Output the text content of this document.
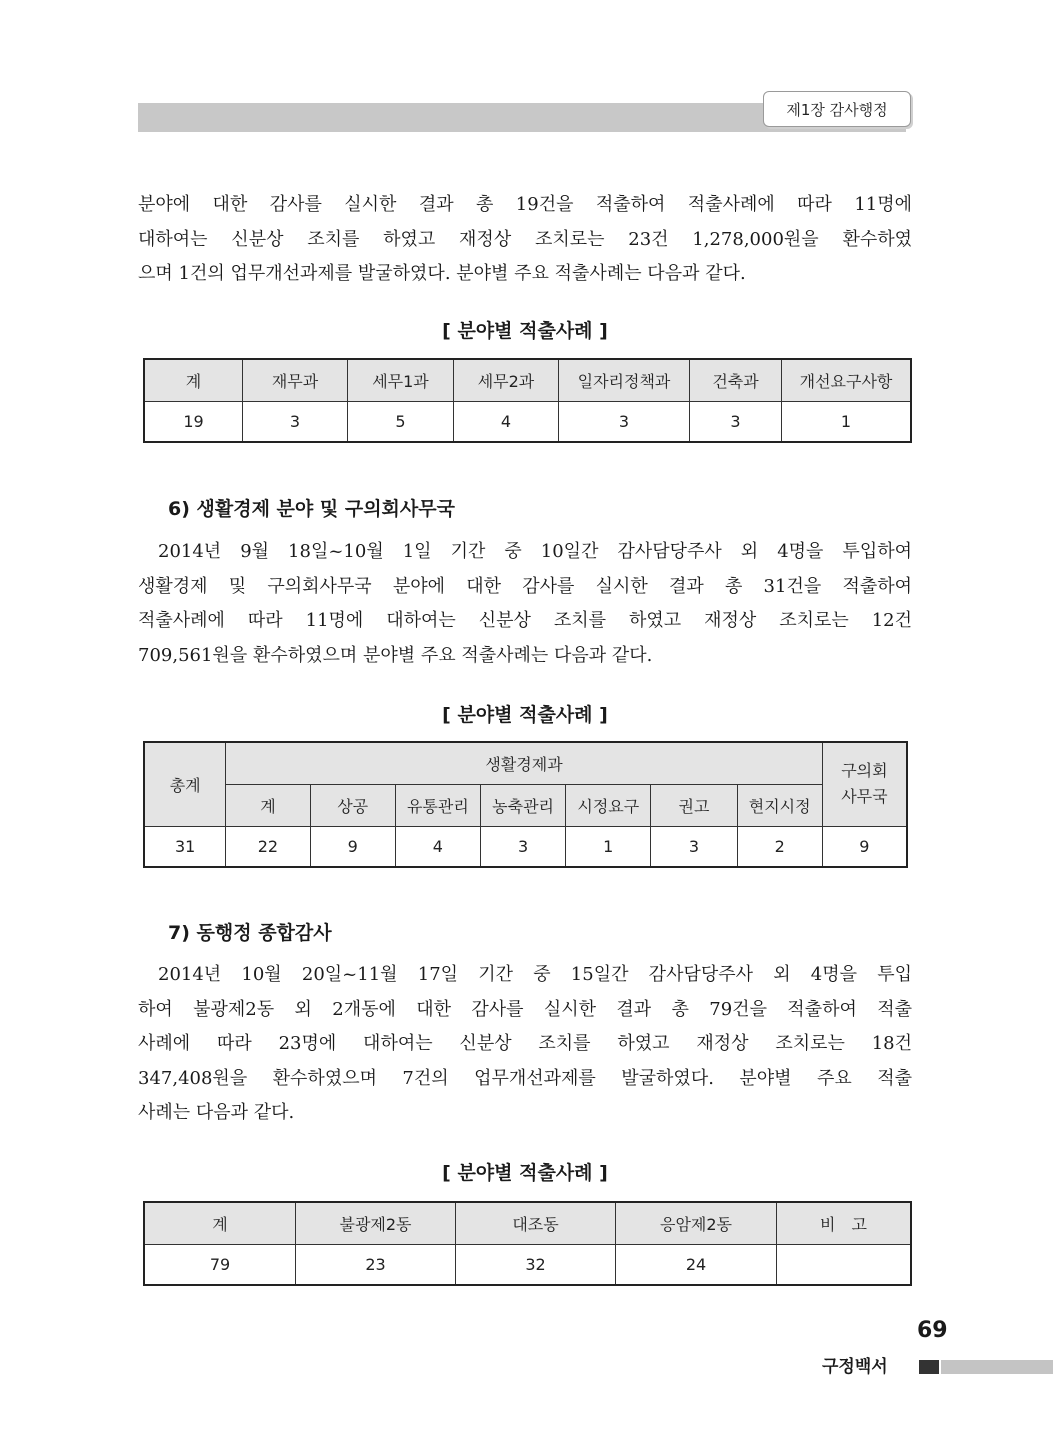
제1장 감사행정

분야에 대한 감사를 실시한 결과 총 19건을 적출하여 적출사례에 따라 11명에
대하여는 신분상 조치를 하였고 재정상 조치로는 23건 1,278,000원을 환수하였
으며 1건의 업무개선과제를 발굴하였다. 분야별 주요 적출사례는 다음과 같다.

[ 분야별 적출사례 ]
계	재무과	세무1과	세무2과	일자리정책과	건축과	개선요구사항
19	3	5	4	3	3	1
6) 생활경제 분야 및 구의회사무국

2014년 9월 18일~10월 1일 기간 중 10일간 감사담당주사 외 4명을 투입하여
생활경제 및 구의회사무국 분야에 대한 감사를 실시한 결과 총 31건을 적출하여
적출사례에 따라 11명에 대하여는 신분상 조치를 하였고 재정상 조치로는 12건
709,561원을 환수하였으며 분야별 주요 적출사례는 다음과 같다.

[ 분야별 적출사례 ]
총계	생활경제과							구의회
사무국
	계	상공	유통관리	농축관리	시정요구	권고	현지시정	
31	22	9	4	3	1	3	2	9
7) 동행정 종합감사

2014년 10월 20일~11월 17일 기간 중 15일간 감사담당주사 외 4명을 투입
하여 불광제2동 외 2개동에 대한 감사를 실시한 결과 총 79건을 적출하여 적출
사례에 따라 23명에 대하여는 신분상 조치를 하였고 재정상 조치로는 18건
347,408원을 환수하였으며 7건의 업무개선과제를 발굴하였다. 분야별 주요 적출
사례는 다음과 같다.

[ 분야별 적출사례 ]
계	불광제2동	대조동	응암제2동	비　고
79	23	32	24	
69
구정백서
